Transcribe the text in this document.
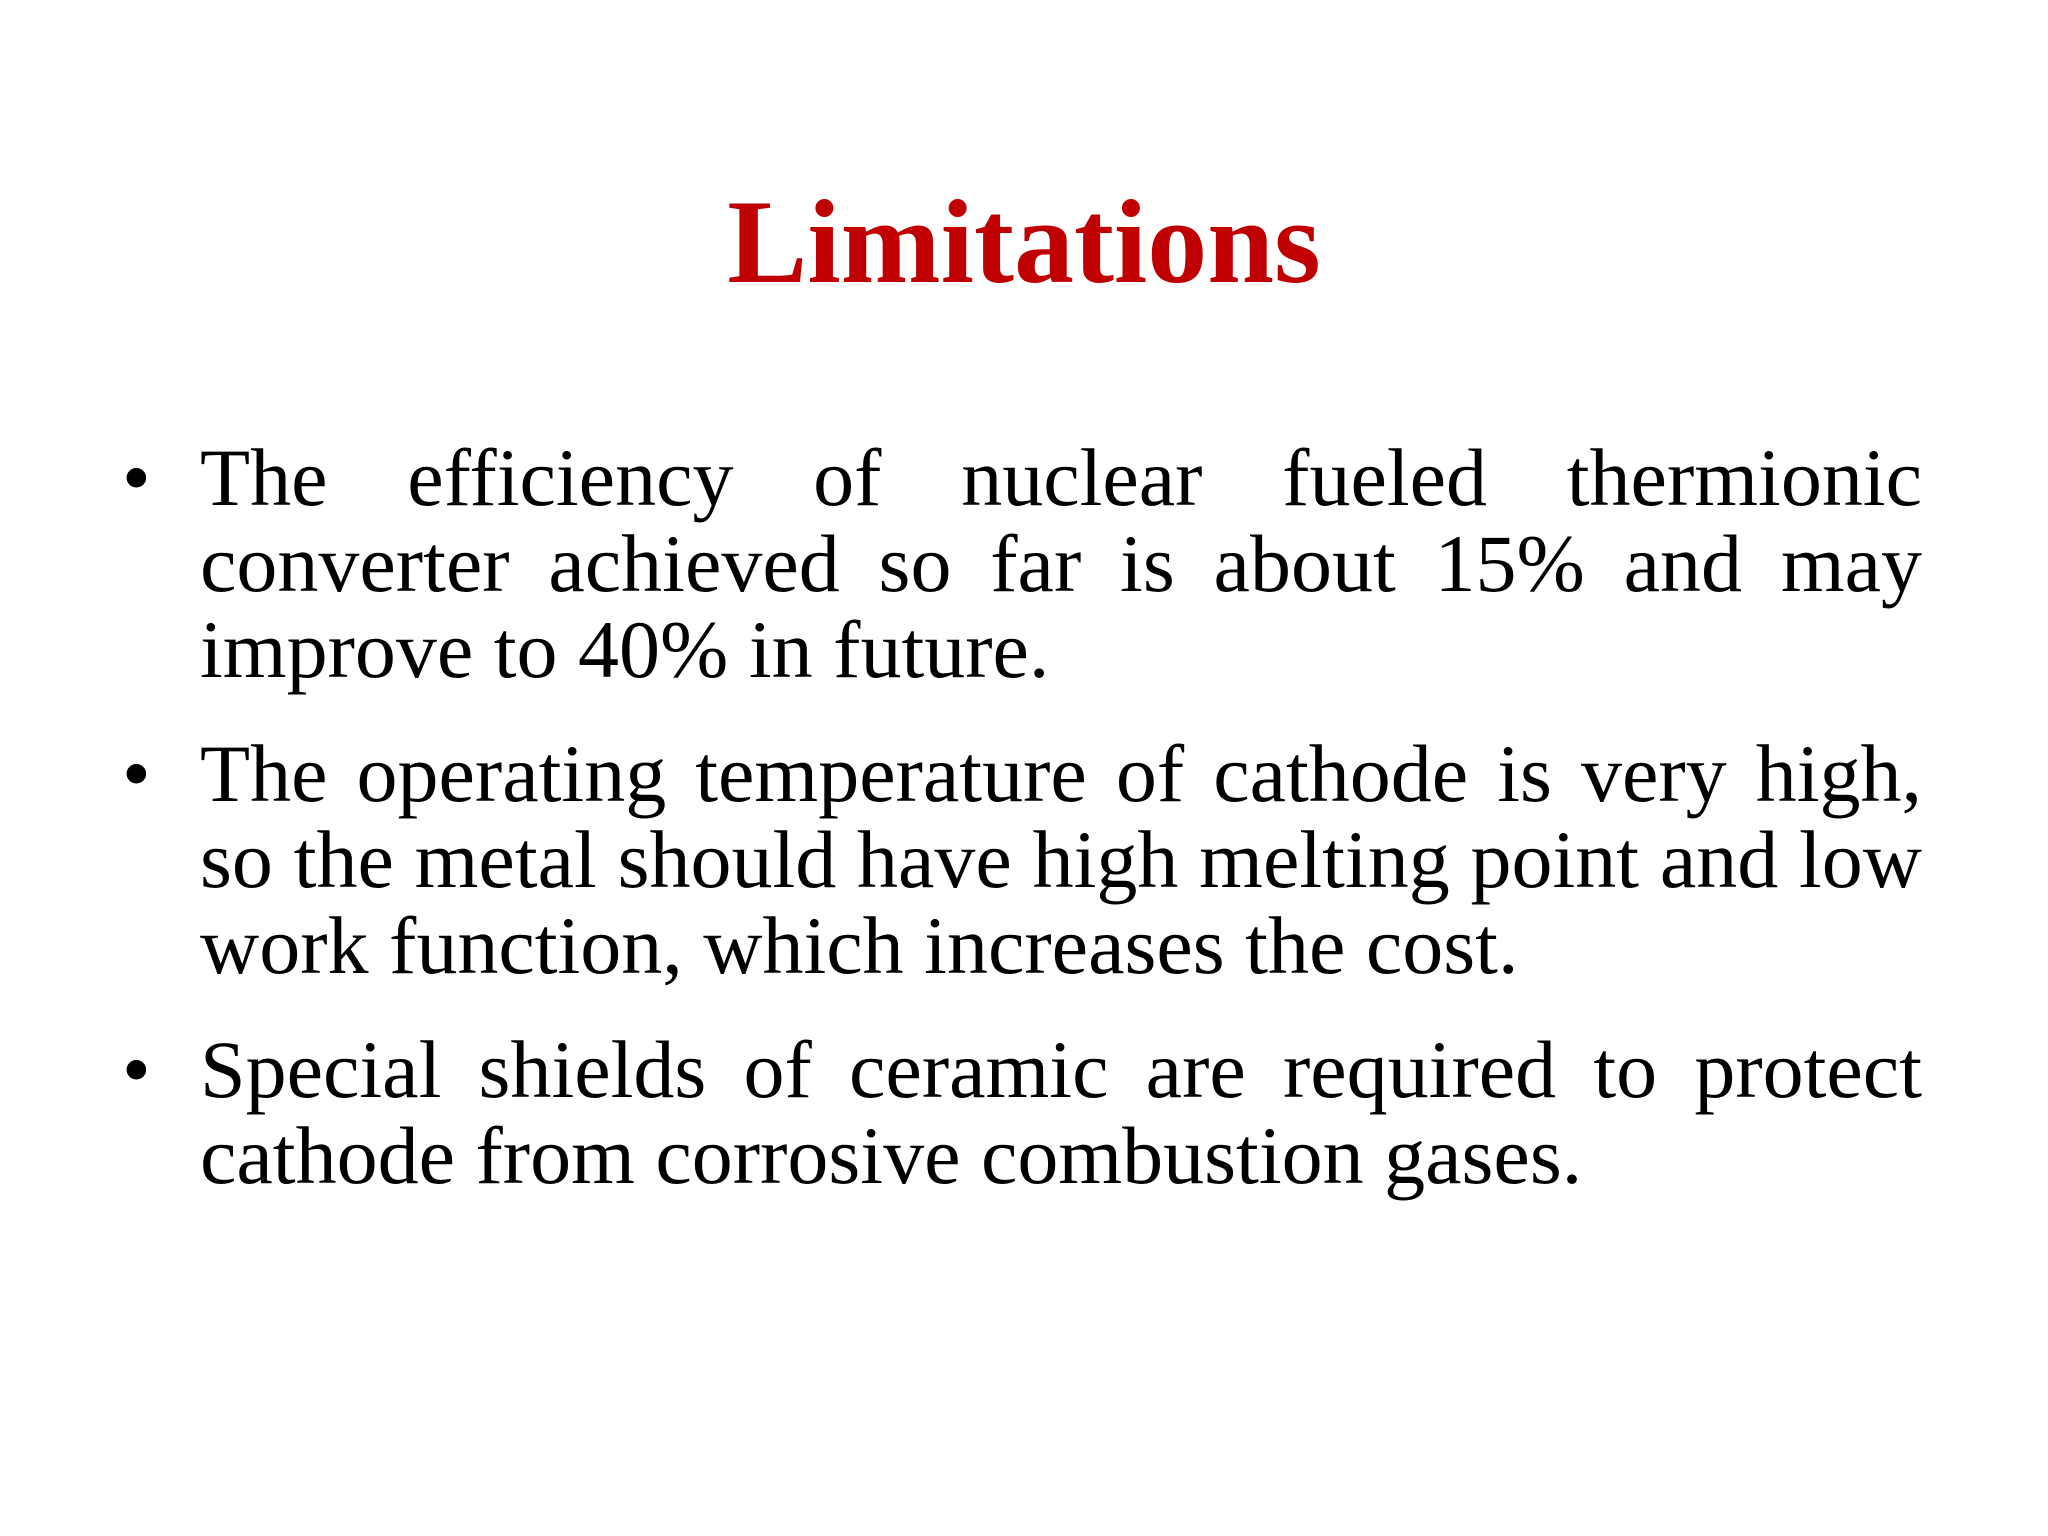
Limitations
• The efficiency of nuclear fueled thermionic converter achieved so far is about 15% and may improve to 40% in future.
• The operating temperature of cathode is very high, so the metal should have high melting point and low work function, which increases the cost.
• Special shields of ceramic are required to protect cathode from corrosive combustion gases.
